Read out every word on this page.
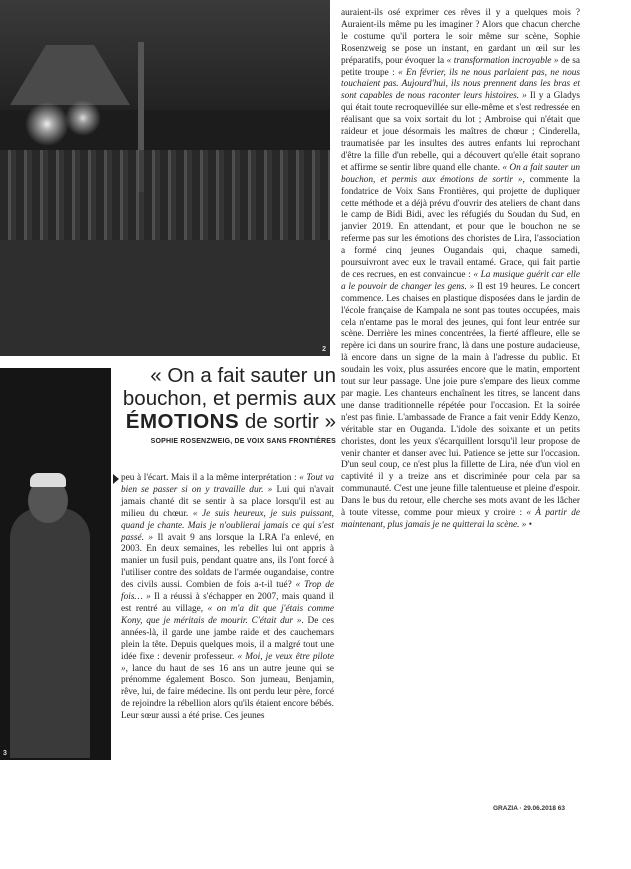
2
3
« On a fait sauter un
bouchon, et permis aux
ÉMOTIONS de sortir »
SOPHIE ROSENZWEIG, DE VOIX SANS FRONTIÈRES

peu à l'écart. Mais il a la même interprétation : « Tout va bien se passer si on y travaille dur. » Lui qui n'avait jamais chanté dit se sentir à sa place lorsqu'il est au milieu du chœur. « Je suis heureux, je suis puissant, quand je chante. Mais je n'oublierai jamais ce qui s'est passé. » Il avait 9 ans lorsque la LRA l'a enlevé, en 2003. En deux semaines, les rebelles lui ont appris à manier un fusil puis, pendant quatre ans, ils l'ont forcé à l'utiliser contre des soldats de l'armée ougandaise, contre des civils aussi. Combien de fois a-t-il tué? « Trop de fois… » Il a réussi à s'échapper en 2007, mais quand il est rentré au village, « on m'a dit que j'étais comme Kony, que je méritais de mourir. C'était dur ». De ces années-là, il garde une jambe raide et des cauchemars plein la tête. Depuis quelques mois, il a malgré tout une idée fixe : devenir professeur. « Moi, je veux être pilote », lance du haut de ses 16 ans un autre jeune qui se prénomme également Bosco. Son jumeau, Benjamin, rêve, lui, de faire médecine. Ils ont perdu leur père, forcé de rejoindre la rébellion alors qu'ils étaient encore bébés. Leur sœur aussi a été prise. Ces jeunes

auraient-ils osé exprimer ces rêves il y a quelques mois ? Auraient-ils même pu les imaginer ? Alors que chacun cherche le costume qu'il portera le soir même sur scène, Sophie Rosenzweig se pose un instant, en gardant un œil sur les préparatifs, pour évoquer la « transformation incroyable » de sa petite troupe : « En février, ils ne nous parlaient pas, ne nous touchaient pas. Aujourd'hui, ils nous prennent dans les bras et sont capables de nous raconter leurs histoires. » Il y a Gladys qui était toute recroquevillée sur elle-même et s'est redressée en réalisant que sa voix sortait du lot ; Ambroise qui n'était que raideur et joue désormais les maîtres de chœur ; Cinderella, traumatisée par les insultes des autres enfants lui reprochant d'être la fille d'un rebelle, qui a découvert qu'elle était soprano et affirme se sentir libre quand elle chante. « On a fait sauter un bouchon, et permis aux émotions de sortir », commente la fondatrice de Voix Sans Frontières, qui projette de dupliquer cette méthode et a déjà prévu d'ouvrir des ateliers de chant dans le camp de Bidi Bidi, avec les réfugiés du Soudan du Sud, en janvier 2019. En attendant, et pour que le bouchon ne se referme pas sur les émotions des choristes de Lira, l'association a formé cinq jeunes Ougandais qui, chaque samedi, poursuivront avec eux le travail entamé. Grace, qui fait partie de ces recrues, en est convaincue : « La musique guérit car elle a le pouvoir de changer les gens. » Il est 19 heures. Le concert commence. Les chaises en plastique disposées dans le jardin de l'école française de Kampala ne sont pas toutes occupées, mais cela n'entame pas le moral des jeunes, qui font leur entrée sur scène. Derrière les mines concentrées, la fierté affleure, elle se repère ici dans un sourire franc, là dans une posture audacieuse, là encore dans un signe de la main à l'adresse du public. Et soudain les voix, plus assurées encore que le matin, emportent tout sur leur passage. Une joie pure s'empare des lieux comme par magie. Les chanteurs enchaînent les titres, se lancent dans une danse traditionnelle répétée pour l'occasion. Et la soirée n'est pas finie. L'ambassade de France a fait venir Eddy Kenzo, véritable star en Ouganda. L'idole des soixante et un petits choristes, dont les yeux s'écarquillent lorsqu'il leur propose de venir chanter et danser avec lui. Patience se jette sur l'occasion. D'un seul coup, ce n'est plus la fillette de Lira, née d'un viol en captivité il y a treize ans et discriminée pour cela par sa communauté. C'est une jeune fille talentueuse et pleine d'espoir. Dans le bus du retour, elle cherche ses mots avant de les lâcher à toute vitesse, comme pour mieux y croire : « À partir de maintenant, plus jamais je ne quitterai la scène. » •

GRAZIA · 29.06.2018 63
